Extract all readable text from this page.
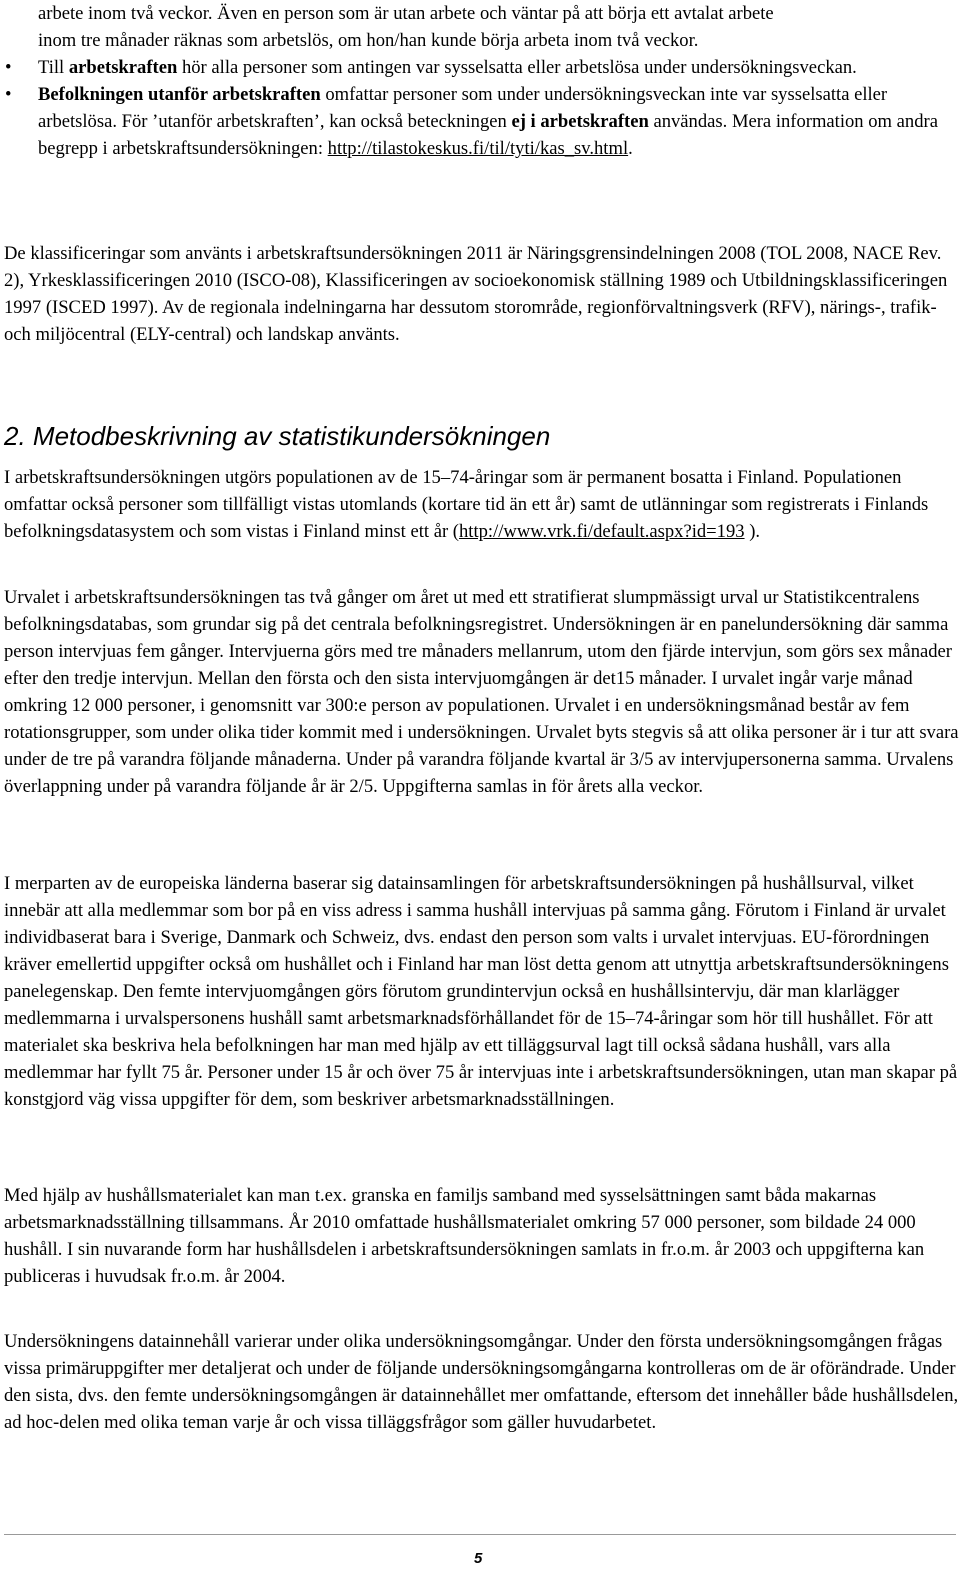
arbete inom två veckor. Även en person som är utan arbete och väntar på att börja ett avtalat arbete
inom tre månader räknas som arbetslös, om hon/han kunde börja arbeta inom två veckor.
• Till arbetskraften hör alla personer som antingen var sysselsatta eller arbetslösa under undersökningsveckan.
• Befolkningen utanför arbetskraften omfattar personer som under undersökningsveckan inte var sysselsatta eller arbetslösa. För ’utanför arbetskraften’, kan också beteckningen ej i arbetskraften användas. Mera information om andra begrepp i arbetskraftsundersökningen: http://tilastokeskus.fi/til/tyti/kas_sv.html.
De klassificeringar som använts i arbetskraftsundersökningen 2011 är Näringsgrensindelningen 2008 (TOL 2008, NACE Rev. 2), Yrkesklassificeringen 2010 (ISCO-08), Klassificeringen av socioekonomisk ställning 1989 och Utbildningsklassificeringen 1997 (ISCED 1997). Av de regionala indelningarna har dessutom storområde, regionförvaltningsverk (RFV), närings-, trafik- och miljöcentral (ELY-central) och landskap använts.
2. Metodbeskrivning av statistikundersökningen
I arbetskraftsundersökningen utgörs populationen av de 15–74-åringar som är permanent bosatta i Finland. Populationen omfattar också personer som tillfälligt vistas utomlands (kortare tid än ett år) samt de utlänningar som registrerats i Finlands befolkningsdatasystem och som vistas i Finland minst ett år (http://www.vrk.fi/default.aspx?id=193 ).
Urvalet i arbetskraftsundersökningen tas två gånger om året ut med ett stratifierat slumpmässigt urval ur Statistikcentralens befolkningsdatabas, som grundar sig på det centrala befolkningsregistret. Undersökningen är en panelundersökning där samma person intervjuas fem gånger. Intervjuerna görs med tre månaders mellanrum, utom den fjärde intervjun, som görs sex månader efter den tredje intervjun. Mellan den första och den sista intervjuomgången är det15 månader. I urvalet ingår varje månad omkring 12 000 personer, i genomsnitt var 300:e person av populationen. Urvalet i en undersökningsmånad består av fem rotationsgrupper, som under olika tider kommit med i undersökningen. Urvalet byts stegvis så att olika personer är i tur att svara under de tre på varandra följande månaderna. Under på varandra följande kvartal är 3/5 av intervjupersonerna samma. Urvalens överlappning under på varandra följande år är 2/5. Uppgifterna samlas in för årets alla veckor.
I merparten av de europeiska länderna baserar sig datainsamlingen för arbetskraftsundersökningen på hushållsurval, vilket innebär att alla medlemmar som bor på en viss adress i samma hushåll intervjuas på samma gång. Förutom i Finland är urvalet individbaserat bara i Sverige, Danmark och Schweiz, dvs. endast den person som valts i urvalet intervjuas. EU-förordningen kräver emellertid uppgifter också om hushållet och i Finland har man löst detta genom att utnyttja arbetskraftsundersökningens panelegenskap. Den femte intervjuomgången görs förutom grundintervjun också en hushållsintervju, där man klarlägger medlemmarna i urvalspersonens hushåll samt arbetsmarknadsförhållandet för de 15–74-åringar som hör till hushållet. För att materialet ska beskriva hela befolkningen har man med hjälp av ett tilläggsurval lagt till också sådana hushåll, vars alla medlemmar har fyllt 75 år. Personer under 15 år och över 75 år intervjuas inte i arbetskraftsundersökningen, utan man skapar på konstgjord väg vissa uppgifter för dem, som beskriver arbetsmarknadsställningen.
Med hjälp av hushållsmaterialet kan man t.ex. granska en familjs samband med sysselsättningen samt båda makarnas arbetsmarknadsställning tillsammans. År 2010 omfattade hushållsmaterialet omkring 57 000 personer, som bildade 24 000 hushåll. I sin nuvarande form har hushållsdelen i arbetskraftsundersökningen samlats in fr.o.m. år 2003 och uppgifterna kan publiceras i huvudsak fr.o.m. år 2004.
Undersökningens datainnehåll varierar under olika undersökningsomgångar. Under den första undersökningsomgången frågas vissa primäruppgifter mer detaljerat och under de följande undersökningsomgångarna kontrolleras om de är oförändrade. Under den sista, dvs. den femte undersökningsomgången är datainnehållet mer omfattande, eftersom det innehåller både hushållsdelen, ad hoc-delen med olika teman varje år och vissa tilläggsfrågor som gäller huvudarbetet.
5
